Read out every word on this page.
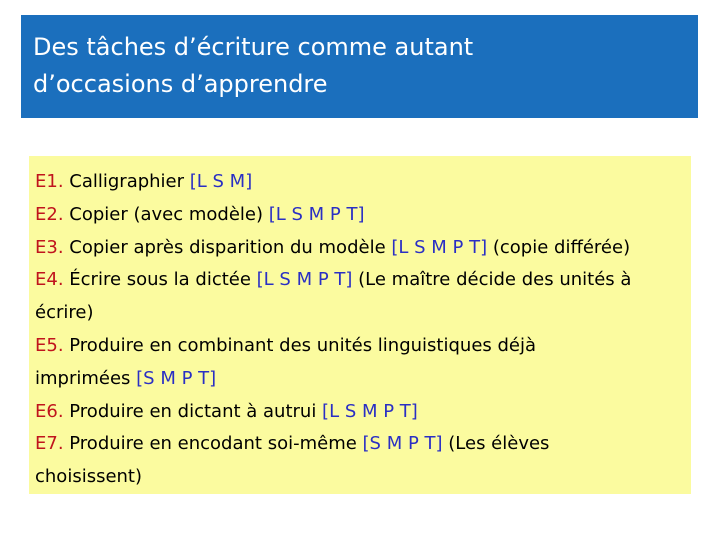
Des tâches d’écriture comme autant
d’occasions d’apprendre
E1. Calligraphier [L S M]
E2. Copier (avec modèle) [L S M P T]
E3. Copier après disparition du modèle [L S M P T] (copie différée)
E4. Écrire sous la dictée [L S M P T] (Le maître décide des unités à
écrire)
E5. Produire en combinant des unités linguistiques déjà
imprimées [S M P T]
E6. Produire en dictant à autrui [L S M P T]
E7. Produire en encodant soi-même [S M P T] (Les élèves
choisissent)
